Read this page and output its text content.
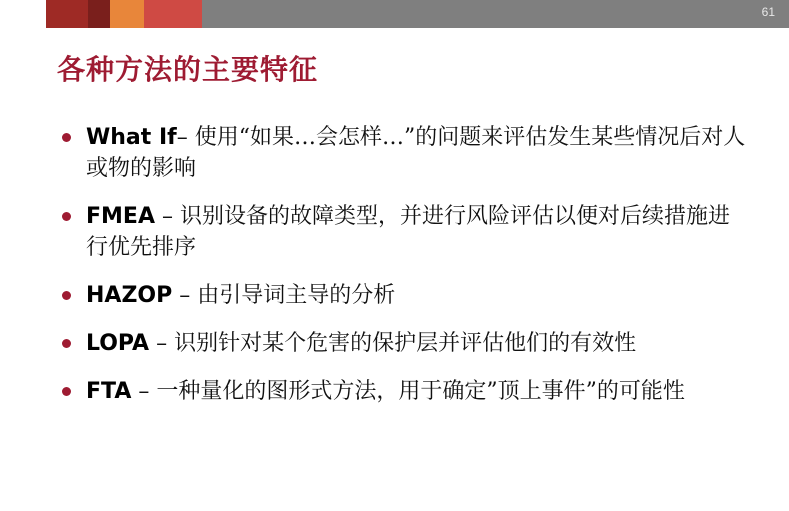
61
各种方法的主要特征
What If– 使用“如果…会怎样…”的问题来评估发生某些情况后对人或物的影响
FMEA – 识别设备的故障类型，并进行风险评估以便对后续措施进行优先排序
HAZOP – 由引导词主导的分析
LOPA – 识别针对某个危害的保护层并评估他们的有效性
FTA – 一种量化的图形式方法，用于确定”顶上事件”的可能性
